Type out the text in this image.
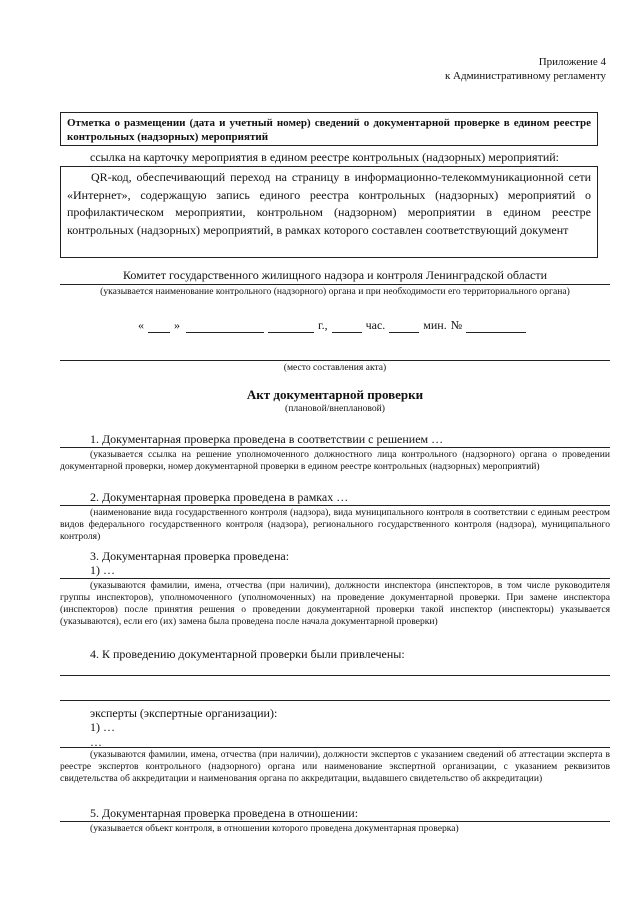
Приложение 4
к Административному регламенту
Отметка о размещении (дата и учетный номер) сведений о документарной проверке в едином реестре контрольных (надзорных) мероприятий
ссылка на карточку мероприятия в едином реестре контрольных (надзорных) мероприятий:
QR-код, обеспечивающий переход на страницу в информационно-телекоммуникационной сети «Интернет», содержащую запись единого реестра контрольных (надзорных) мероприятий о профилактическом мероприятии, контрольном (надзорном) мероприятии в едином реестре контрольных (надзорных) мероприятий, в рамках которого составлен соответствующий документ
Комитет государственного жилищного надзора и контроля Ленинградской области
(указывается наименование контрольного (надзорного) органа и при необходимости его территориального органа)
«	»	г.,	час.	мин. №
(место составления акта)
Акт документарной проверки
(плановой/внеплановой)
1. Документарная проверка проведена в соответствии с решением …
(указывается ссылка на решение уполномоченного должностного лица контрольного (надзорного) органа о проведении документарной проверки, номер документарной проверки в едином реестре контрольных (надзорных) мероприятий)
2. Документарная проверка проведена в рамках …
(наименование вида государственного контроля (надзора), вида муниципального контроля в соответствии с единым реестром видов федерального государственного контроля (надзора), регионального государственного контроля (надзора), муниципального контроля)
3. Документарная проверка проведена:
1) …
(указываются фамилии, имена, отчества (при наличии), должности инспектора (инспекторов, в том числе руководителя группы инспекторов), уполномоченного (уполномоченных) на проведение документарной проверки. При замене инспектора (инспекторов) после принятия решения о проведении документарной проверки такой инспектор (инспекторы) указывается (указываются), если его (их) замена была проведена после начала документарной проверки)
4. К проведению документарной проверки были привлечены:
эксперты (экспертные организации):
1) …
…
(указываются фамилии, имена, отчества (при наличии), должности экспертов с указанием сведений об аттестации эксперта в реестре экспертов контрольного (надзорного) органа или наименование экспертной организации, с указанием реквизитов свидетельства об аккредитации и наименования органа по аккредитации, выдавшего свидетельство об аккредитации)
5. Документарная проверка проведена в отношении:
(указывается объект контроля, в отношении которого проведена документарная проверка)
